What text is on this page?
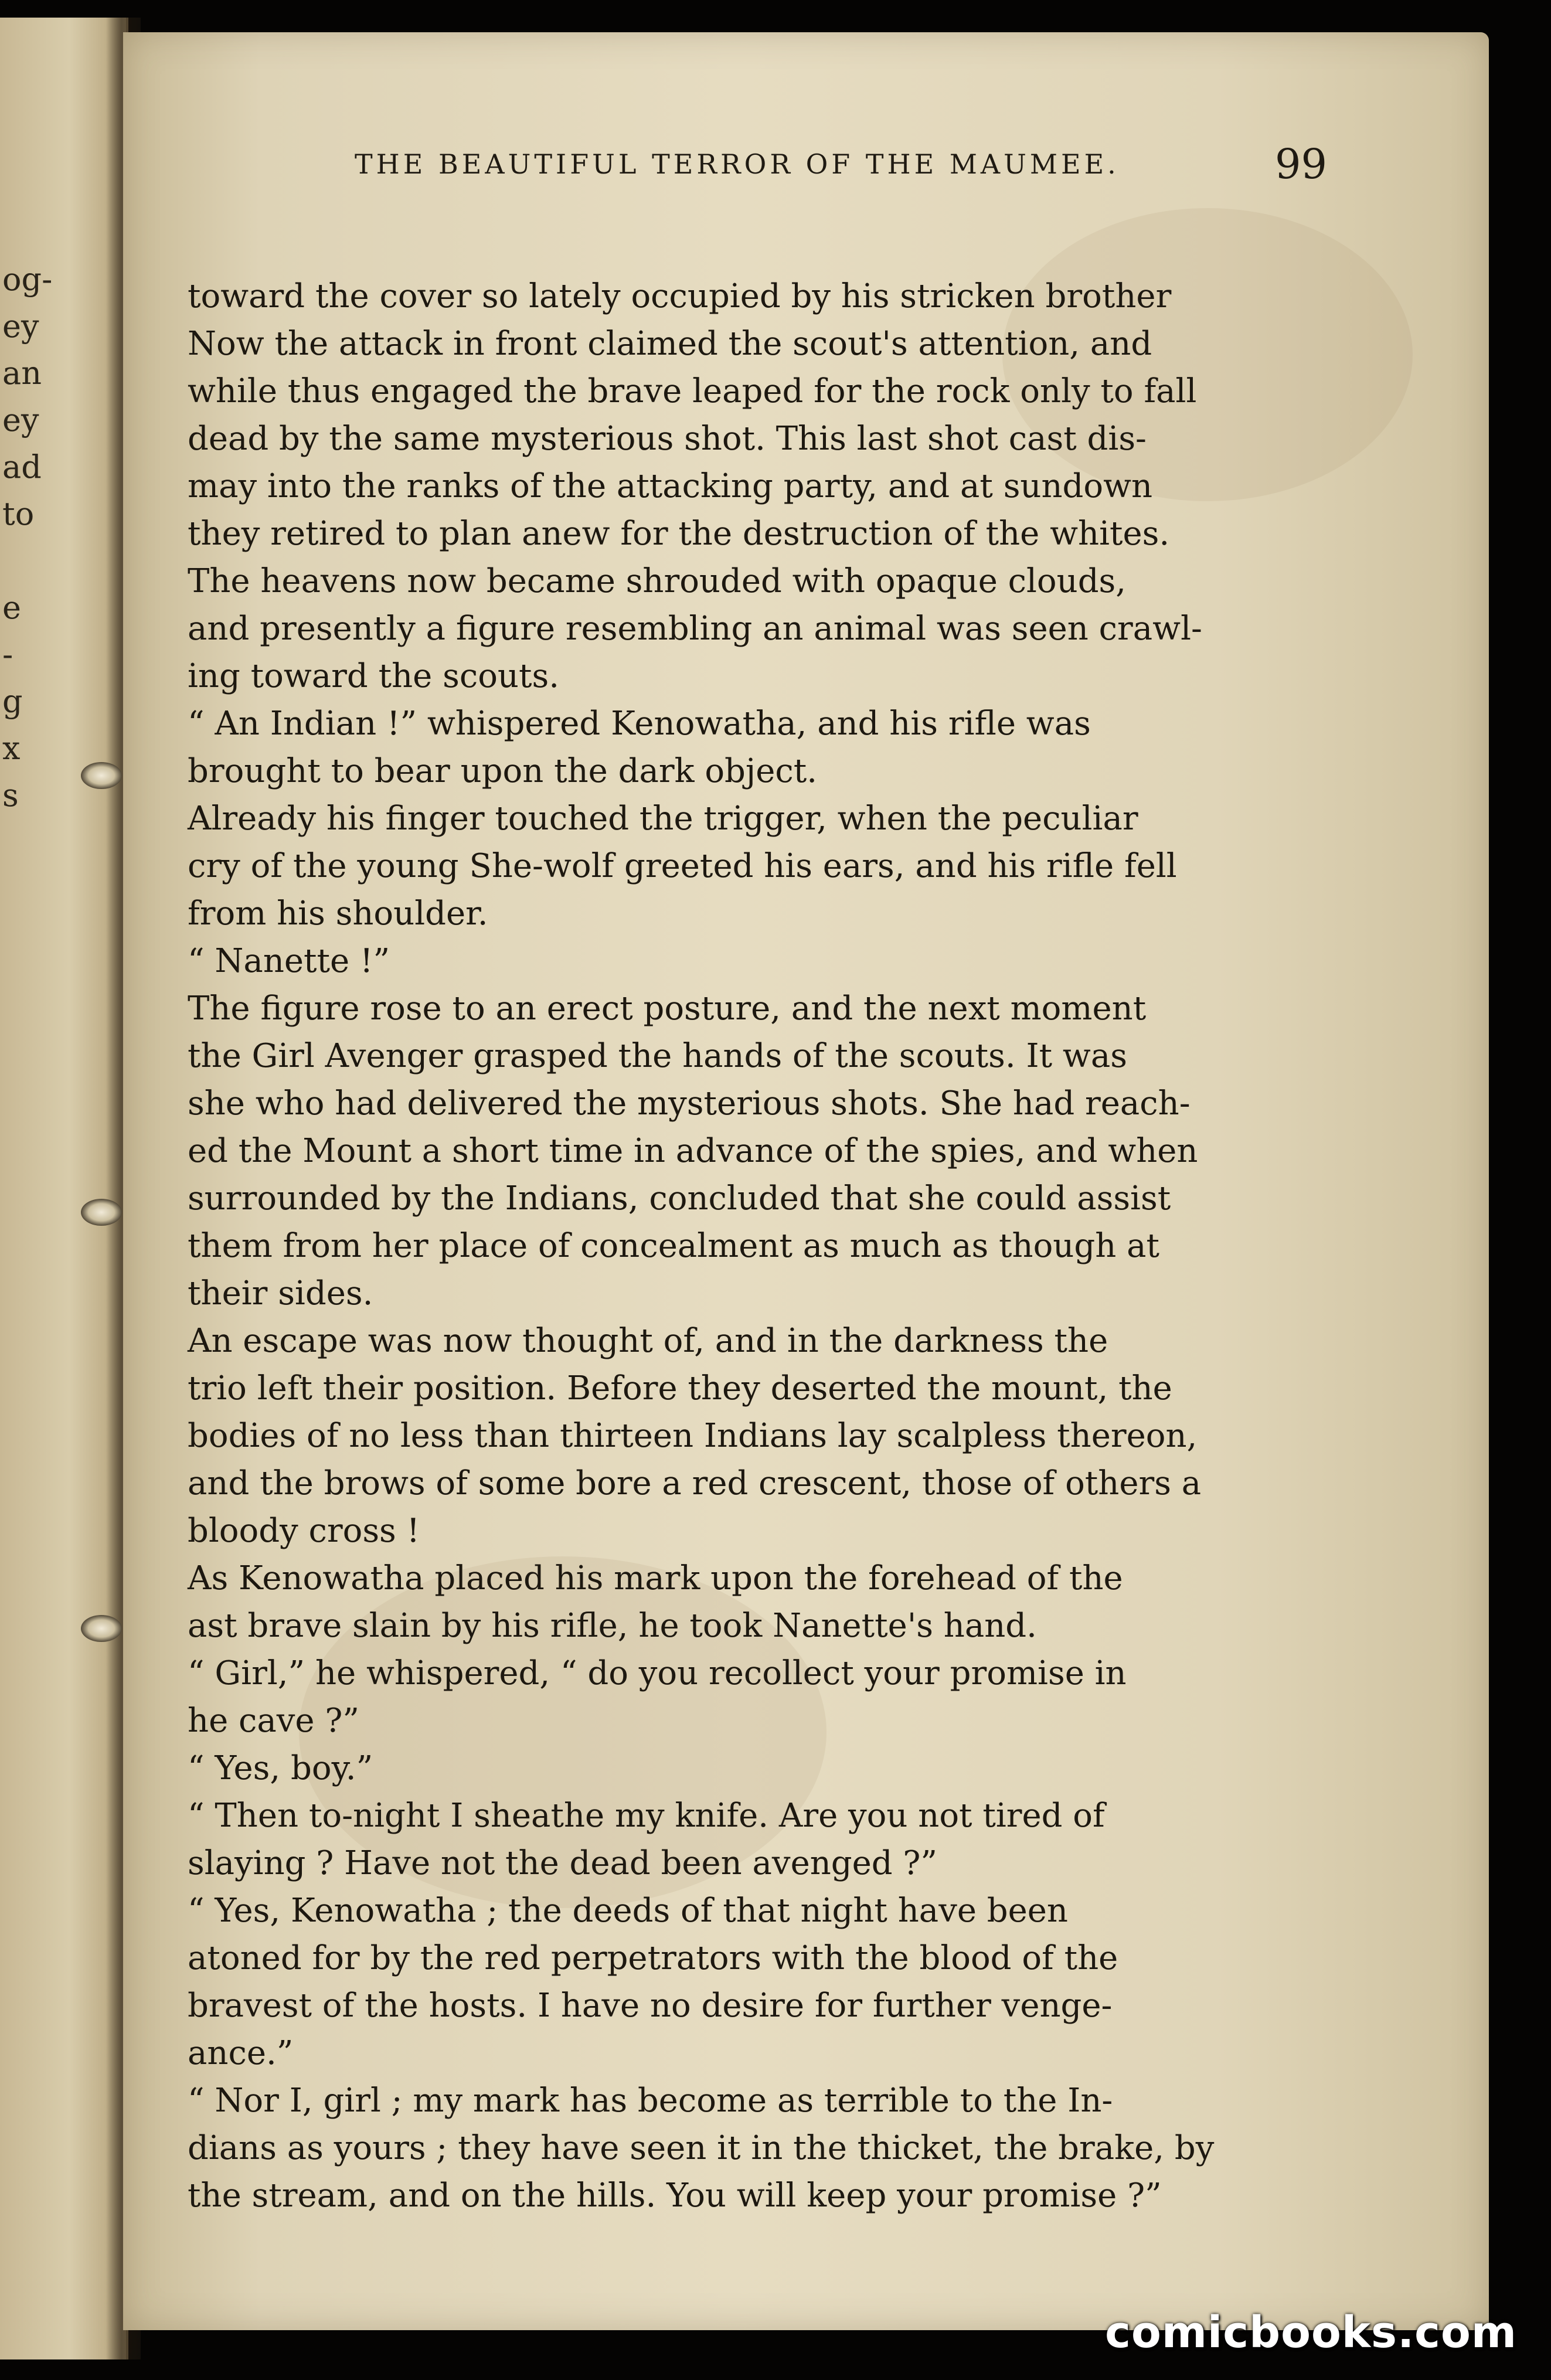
og-
ey
an
ey
ad
to
e
-
g
x
s
THE BEAUTIFUL TERROR OF THE MAUMEE.	99
toward the cover so lately occupied by his stricken brother
Now the attack in front claimed the scout's attention, and
while thus engaged the brave leaped for the rock only to fall
dead by the same mysterious shot. This last shot cast dis-
may into the ranks of the attacking party, and at sundown
they retired to plan anew for the destruction of the whites.
The heavens now became shrouded with opaque clouds,
and presently a figure resembling an animal was seen crawl-
ing toward the scouts.
“ An Indian !” whispered Kenowatha, and his rifle was
brought to bear upon the dark object.
Already his finger touched the trigger, when the peculiar
cry of the young She-wolf greeted his ears, and his rifle fell
from his shoulder.
“ Nanette !”
The figure rose to an erect posture, and the next moment
the Girl Avenger grasped the hands of the scouts. It was
she who had delivered the mysterious shots. She had reach-
ed the Mount a short time in advance of the spies, and when
surrounded by the Indians, concluded that she could assist
them from her place of concealment as much as though at
their sides.
An escape was now thought of, and in the darkness the
trio left their position. Before they deserted the mount, the
bodies of no less than thirteen Indians lay scalpless thereon,
and the brows of some bore a red crescent, those of others a
bloody cross !
As Kenowatha placed his mark upon the forehead of the
ast brave slain by his rifle, he took Nanette's hand.
“ Girl,” he whispered, “ do you recollect your promise in
he cave ?”
“ Yes, boy.”
“ Then to-night I sheathe my knife. Are you not tired of
slaying ? Have not the dead been avenged ?”
“ Yes, Kenowatha ; the deeds of that night have been
atoned for by the red perpetrators with the blood of the
bravest of the hosts. I have no desire for further venge-
ance.”
“ Nor I, girl ; my mark has become as terrible to the In-
dians as yours ; they have seen it in the thicket, the brake, by
the stream, and on the hills. You will keep your promise ?”
comicbooks.com
